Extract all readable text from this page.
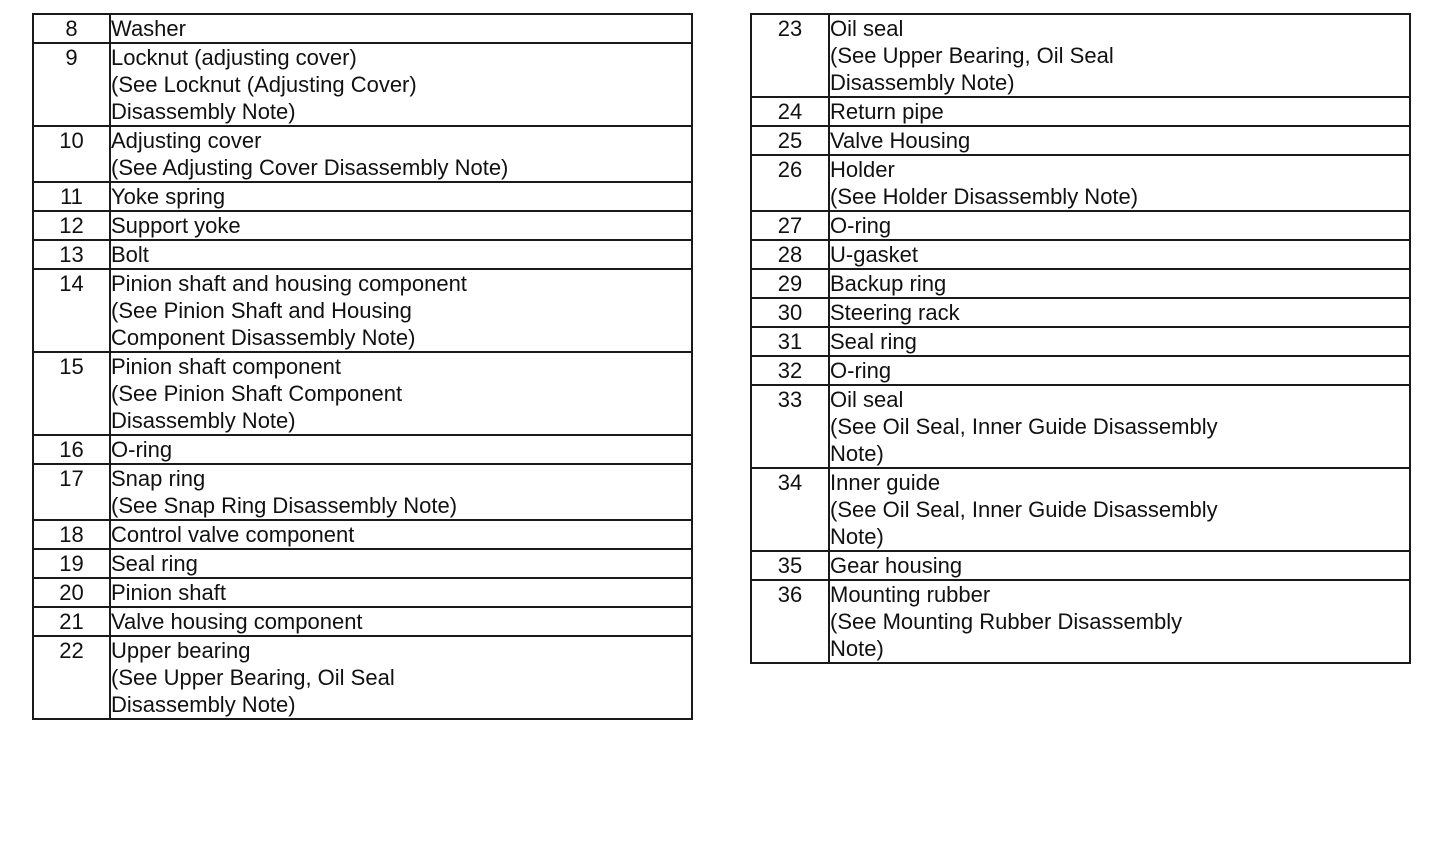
8	Washer

9	Locknut (adjusting cover)
(See Locknut (Adjusting Cover)
Disassembly Note)

10	Adjusting cover
(See Adjusting Cover Disassembly Note)

11	Yoke spring

12	Support yoke

13	Bolt

14	Pinion shaft and housing component
(See Pinion Shaft and Housing
Component Disassembly Note)

15	Pinion shaft component
(See Pinion Shaft Component
Disassembly Note)

16	O-ring

17	Snap ring
(See Snap Ring Disassembly Note)

18	Control valve component

19	Seal ring

20	Pinion shaft

21	Valve housing component

22	Upper bearing
(See Upper Bearing, Oil Seal
Disassembly Note)
23	Oil seal
(See Upper Bearing, Oil Seal
Disassembly Note)

24	Return pipe

25	Valve Housing

26	Holder
(See Holder Disassembly Note)

27	O-ring

28	U-gasket

29	Backup ring

30	Steering rack

31	Seal ring

32	O-ring

33	Oil seal
(See Oil Seal, Inner Guide Disassembly
Note)

34	Inner guide
(See Oil Seal, Inner Guide Disassembly
Note)

35	Gear housing

36	Mounting rubber
(See Mounting Rubber Disassembly
Note)
